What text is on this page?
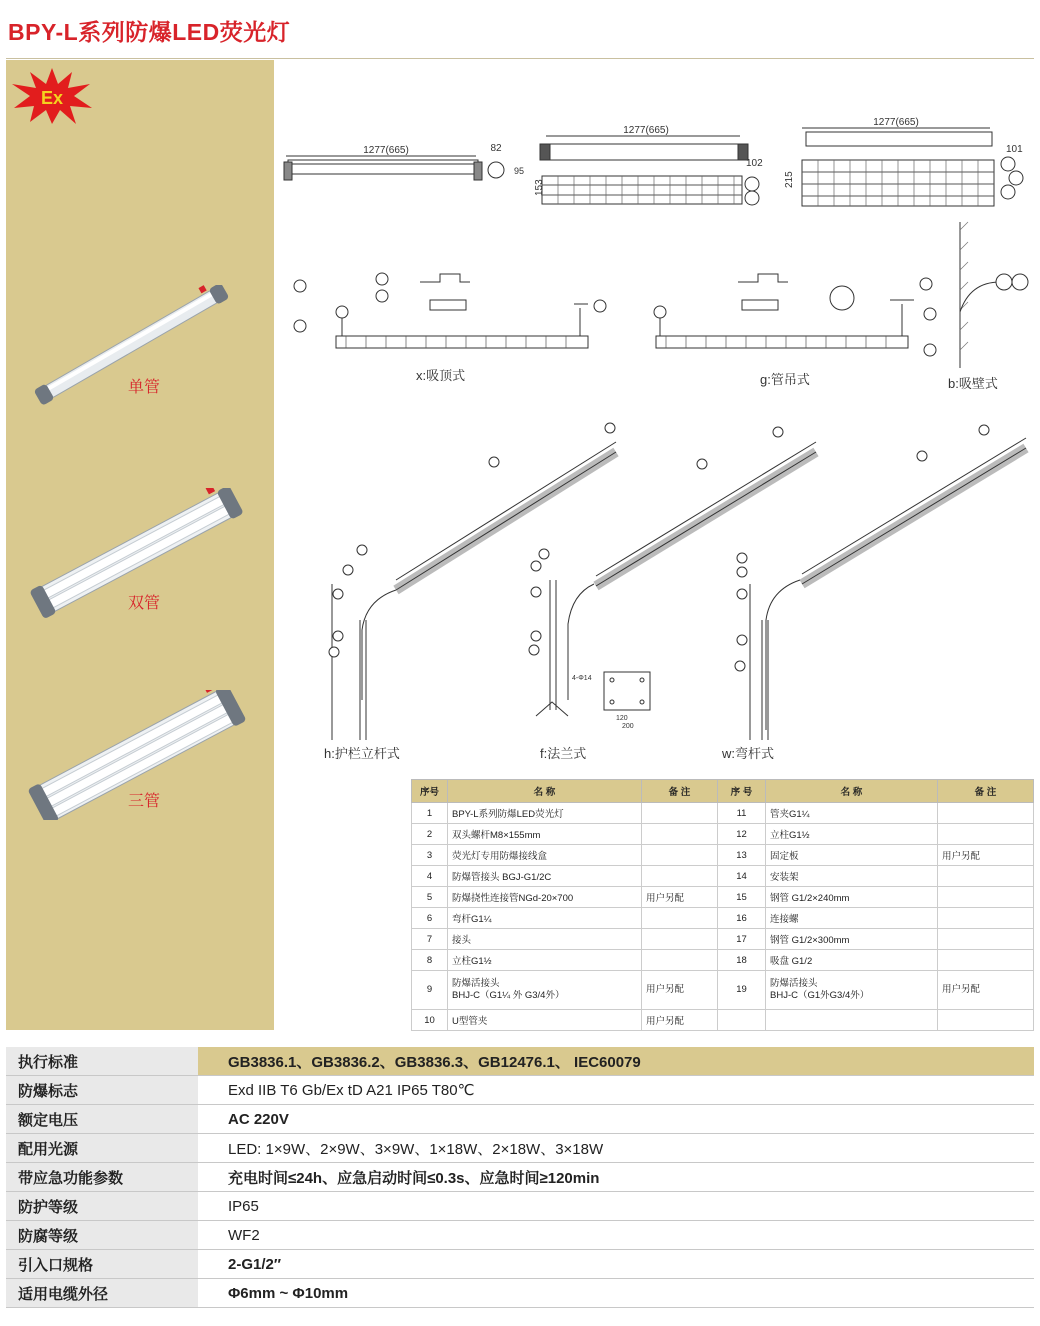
BPY-L系列防爆LED荧光灯
Ex
单管
双管
三管
1277(665)	82
95
1277(665)
102
153
1277(665)
101
215
x:吸顶式	g:管吊式	b:吸壁式
h:护栏立杆式
4-Φ14
120
200
f:法兰式	w:弯杆式
序号	名 称	备 注	序 号	名 称	备 注
1	BPY-L系列防爆LED荧光灯		11	管夹G1¼	
2	双头螺杆M8×155mm		12	立柱G1½	
3	荧光灯专用防爆接线盒		13	固定板	用户另配
4	防爆管接头 BGJ-G1/2C		14	安装架	
5	防爆挠性连接管NGd-20×700	用户另配	15	钢管 G1/2×240mm	
6	弯杆G1¼		16	连接螺	
7	接头		17	钢管 G1/2×300mm	
8	立柱G1½		18	吸盘 G1/2	
9	防爆活接头
BHJ-C（G1¼ 外 G3/4外）	用户另配	19	防爆活接头
BHJ-C（G1外G3/4外）	用户另配
10	U型管夹	用户另配			
执行标准	GB3836.1、GB3836.2、GB3836.3、GB12476.1、 IEC60079
防爆标志	Exd IIB T6 Gb/Ex tD A21 IP65 T80℃
额定电压	AC 220V
配用光源	LED: 1×9W、2×9W、3×9W、1×18W、2×18W、3×18W
带应急功能参数	充电时间≤24h、应急启动时间≤0.3s、应急时间≥120min
防护等级	IP65
防腐等级	WF2
引入口规格	2-G1/2″
适用电缆外径	Φ6mm ~ Φ10mm
